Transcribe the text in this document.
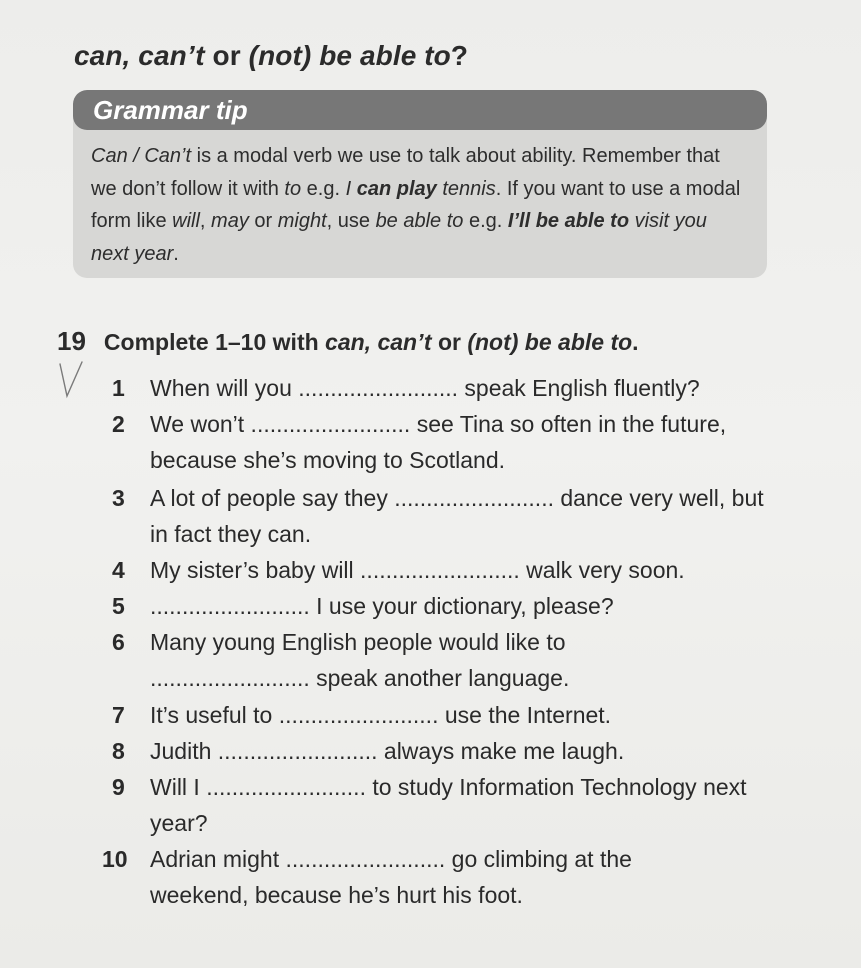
can, can’t or (not) be able to?
Grammar tip
Can / Can’t is a modal verb we use to talk about ability. Remember that we don’t follow it with to e.g. I can play tennis. If you want to use a modal form like will, may or might, use be able to e.g. I’ll be able to visit you next year.
19 Complete 1–10 with can, can’t or (not) be able to.
1	When will you ......................... speak English fluently?
2	We won’t ......................... see Tina so often in the future, because she’s moving to Scotland.
3	A lot of people say they ......................... dance very well, but in fact they can.
4	My sister’s baby will ......................... walk very soon.
5	......................... I use your dictionary, please?
6	Many young English people would like to ......................... speak another language.
7	It’s useful to ......................... use the Internet.
8	Judith ......................... always make me laugh.
9	Will I ......................... to study Information Technology next year?
10 Adrian might ......................... go climbing at the weekend, because he’s hurt his foot.
